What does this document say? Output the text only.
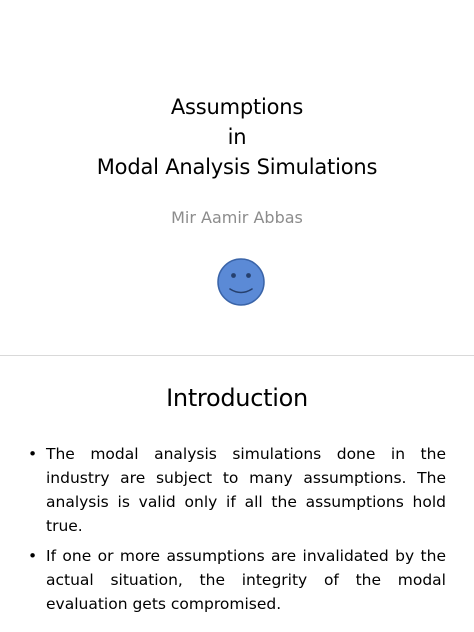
Assumptions
in
Modal Analysis Simulations
Mir Aamir Abbas
Introduction
• The modal analysis simulations done in the industry are subject to many assumptions. The analysis is valid only if all the assumptions hold true.
• If one or more assumptions are invalidated by the actual situation, the integrity of the modal evaluation gets compromised.
